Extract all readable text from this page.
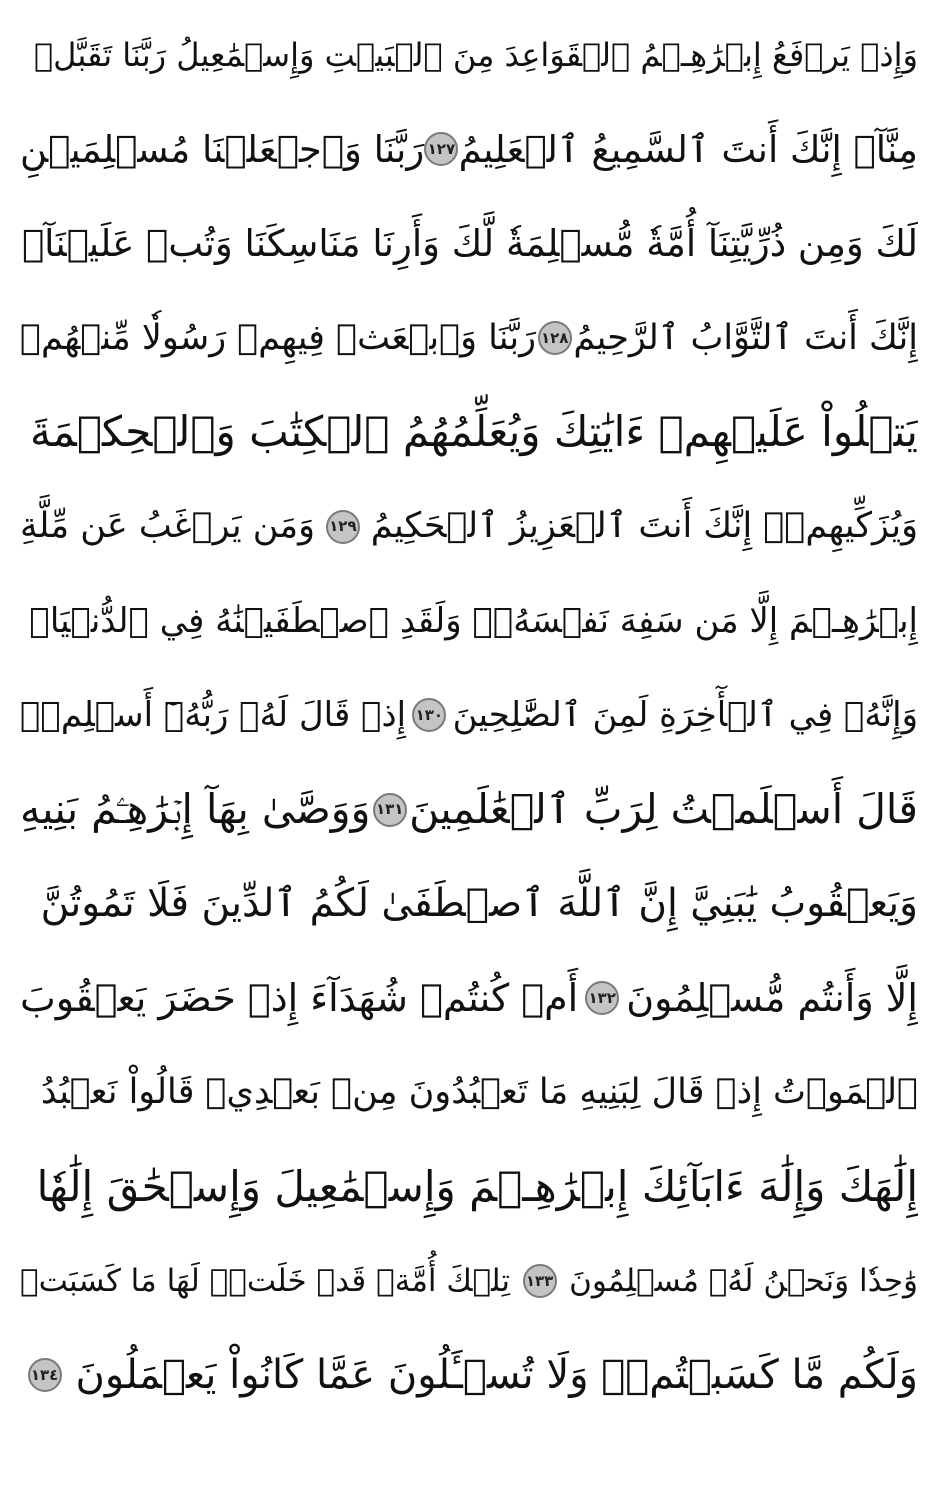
وَإِذۡ يَرۡفَعُ إِبۡرَٰهِـۧمُ ٱلۡقَوَاعِدَ مِنَ ٱلۡبَيۡتِ وَإِسۡمَٰعِيلُ رَبَّنَا تَقَبَّلۡ
مِنَّآۖ إِنَّكَ أَنتَ ٱلسَّمِيعُ ٱلۡعَلِيمُ
١٢٧
رَبَّنَا وَٱجۡعَلۡنَا مُسۡلِمَيۡنِ
لَكَ وَمِن ذُرِّيَّتِنَآ أُمَّةٗ مُّسۡلِمَةٗ لَّكَ وَأَرِنَا مَنَاسِكَنَا وَتُبۡ عَلَيۡنَآۖ
إِنَّكَ أَنتَ ٱلتَّوَّابُ ٱلرَّحِيمُ
١٢٨
رَبَّنَا وَٱبۡعَثۡ فِيهِمۡ رَسُولٗا مِّنۡهُمۡ
يَتۡلُواْ عَلَيۡهِمۡ ءَايَٰتِكَ وَيُعَلِّمُهُمُ ٱلۡكِتَٰبَ وَٱلۡحِكۡمَةَ
وَيُزَكِّيهِمۡۖ إِنَّكَ أَنتَ ٱلۡعَزِيزُ ٱلۡحَكِيمُ
١٢٩
وَمَن يَرۡغَبُ عَن مِّلَّةِ
إِبۡرَٰهِـۧمَ إِلَّا مَن سَفِهَ نَفۡسَهُۥۚ وَلَقَدِ ٱصۡطَفَيۡنَٰهُ فِي ٱلدُّنۡيَاۖ
وَإِنَّهُۥ فِي ٱلۡأٓخِرَةِ لَمِنَ ٱلصَّٰلِحِينَ
١٣٠
إِذۡ قَالَ لَهُۥ رَبُّهُۥٓ أَسۡلِمۡۖ
قَالَ أَسۡلَمۡتُ لِرَبِّ ٱلۡعَٰلَمِينَ
١٣١
وَوَصَّىٰ بِهَآ إِبۡرَٰهِـۧمُ بَنِيهِ
وَيَعۡقُوبُ يَٰبَنِيَّ إِنَّ ٱللَّهَ ٱصۡطَفَىٰ لَكُمُ ٱلدِّينَ فَلَا تَمُوتُنَّ
إِلَّا وَأَنتُم مُّسۡلِمُونَ
١٣٢
أَمۡ كُنتُمۡ شُهَدَآءَ إِذۡ حَضَرَ يَعۡقُوبَ
ٱلۡمَوۡتُ إِذۡ قَالَ لِبَنِيهِ مَا تَعۡبُدُونَ مِنۢ بَعۡدِيۖ قَالُواْ نَعۡبُدُ
إِلَٰهَكَ وَإِلَٰهَ ءَابَآئِكَ إِبۡرَٰهِـۧمَ وَإِسۡمَٰعِيلَ وَإِسۡحَٰقَ إِلَٰهٗا
وَٰحِدٗا وَنَحۡنُ لَهُۥ مُسۡلِمُونَ
١٣٣
تِلۡكَ أُمَّةٞ قَدۡ خَلَتۡۖ لَهَا مَا كَسَبَتۡ
وَلَكُم مَّا كَسَبۡتُمۡۖ وَلَا تُسۡـَٔلُونَ عَمَّا كَانُواْ يَعۡمَلُونَ
١٣٤
